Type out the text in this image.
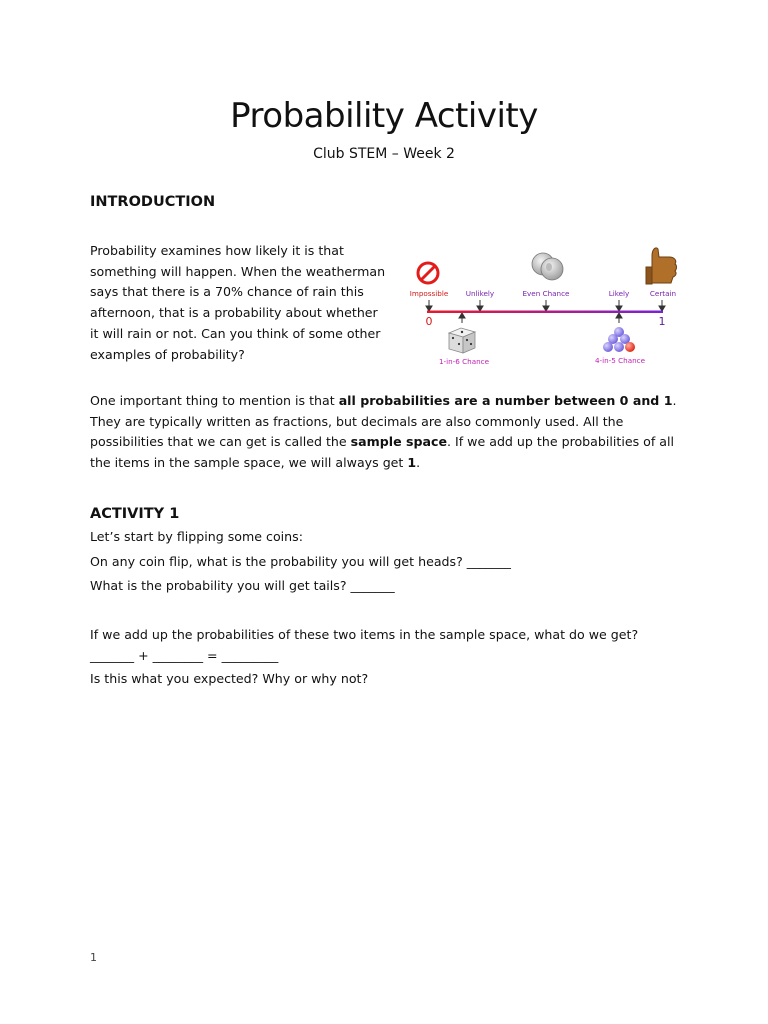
Probability Activity
Club STEM – Week 2
INTRODUCTION
Probability examines how likely it is that something will happen. When the weatherman says that there is a 70% chance of rain this afternoon, that is a probability about whether it will rain or not. Can you think of some other examples of probability?
Impossible Unlikely	Even Chance	Likely	Certain
0	1
1-in-6 Chance	4-in-5 Chance
One important thing to mention is that all probabilities are a number between 0 and 1. They are typically written as fractions, but decimals are also commonly used. All the possibilities that we can get is called the sample space. If we add up the probabilities of all the items in the sample space, we will always get 1.
ACTIVITY 1
Let’s start by flipping some coins:
On any coin flip, what is the probability you will get heads? _______
What is the probability you will get tails? _______
If we add up the probabilities of these two items in the sample space, what do we get?
_______ + ________ = _________
Is this what you expected? Why or why not?
1
